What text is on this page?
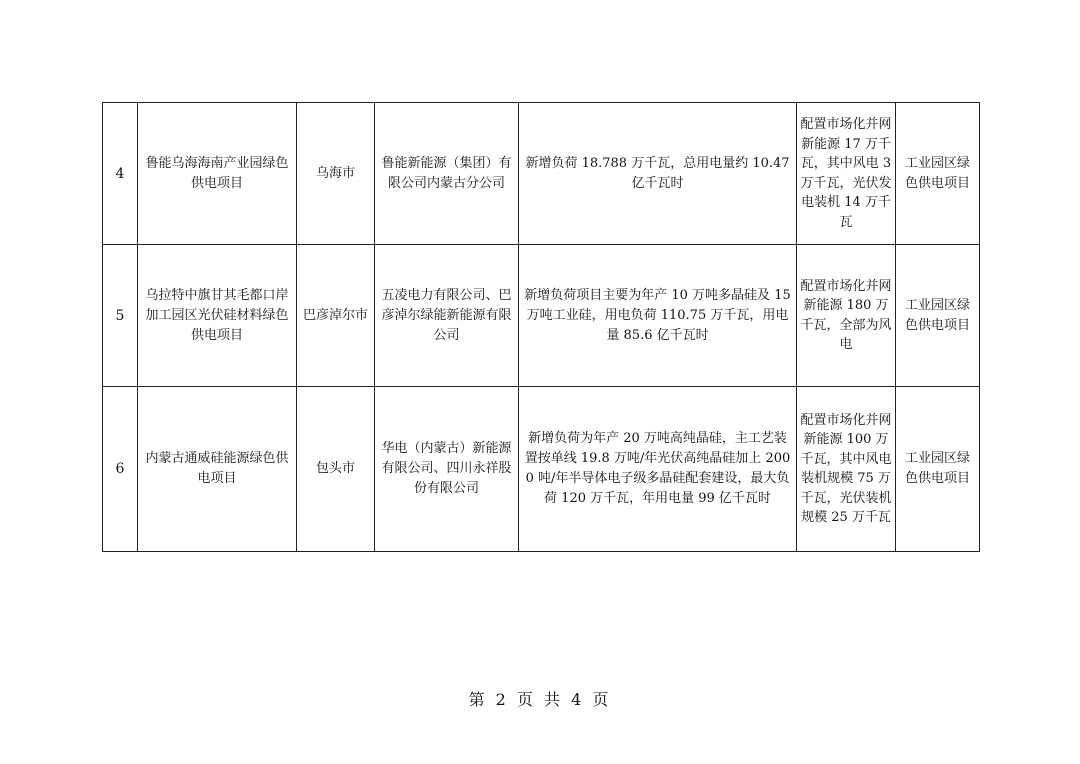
4	鲁能乌海海南产业园绿色供电项目	乌海市	鲁能新能源（集团）有限公司内蒙古分公司	新增负荷 18.788 万千瓦，总用电量约 10.47 亿千瓦时	配置市场化并网新能源 17 万千瓦，其中风电 3 万千瓦，光伏发电装机 14 万千瓦	工业园区绿色供电项目
5	乌拉特中旗甘其毛都口岸加工园区光伏硅材料绿色供电项目	巴彦淖尔市	五凌电力有限公司、巴彦淖尔绿能新能源有限公司	新增负荷项目主要为年产 10 万吨多晶硅及 15 万吨工业硅，用电负荷 110.75 万千瓦，用电量 85.6 亿千瓦时	配置市场化并网新能源 180 万千瓦，全部为风电	工业园区绿色供电项目
6	内蒙古通威硅能源绿色供电项目	包头市	华电（内蒙古）新能源有限公司、四川永祥股份有限公司	新增负荷为年产 20 万吨高纯晶硅，主工艺装置按单线 19.8 万吨/年光伏高纯晶硅加上 2000 吨/年半导体电子级多晶硅配套建设，最大负荷 120 万千瓦，年用电量 99 亿千瓦时	配置市场化并网新能源 100 万千瓦，其中风电装机规模 75 万千瓦，光伏装机规模 25 万千瓦	工业园区绿色供电项目
第 2 页 共 4 页
